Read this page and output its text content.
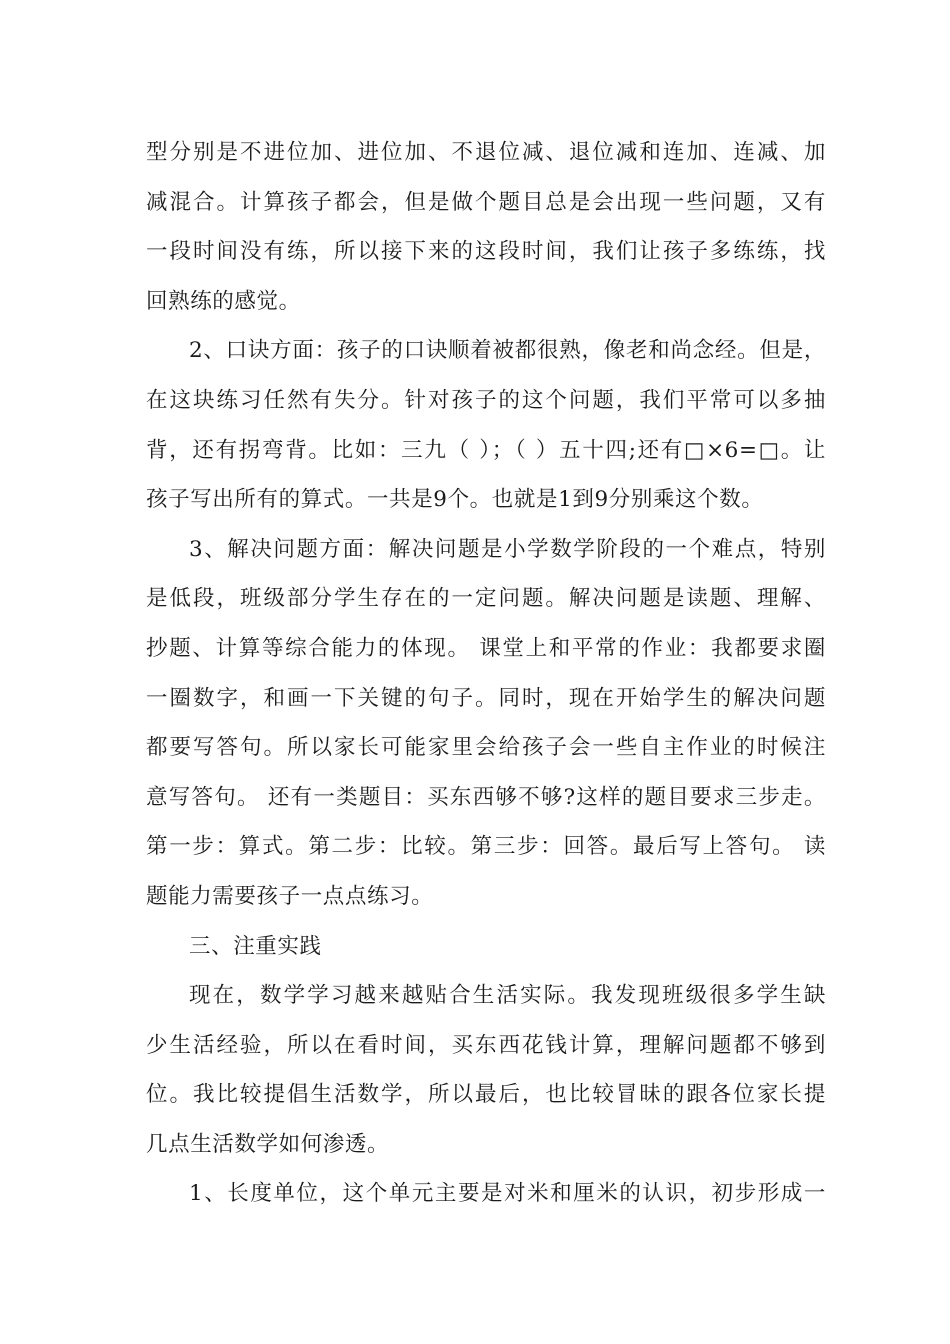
型分别是不进位加、进位加、不退位减、退位减和连加、连减、加
减混合。计算孩子都会，但是做个题目总是会出现一些问题，又有
一段时间没有练，所以接下来的这段时间，我们让孩子多练练，找
回熟练的感觉。
2、口诀方面：孩子的口诀顺着被都很熟，像老和尚念经。但是，
在这块练习任然有失分。针对孩子的这个问题，我们平常可以多抽
背，还有拐弯背。比如：三九（ ）；（ ）五十四;还有□×6=□。让
孩子写出所有的算式。一共是9个。也就是1到9分别乘这个数。
3、解决问题方面：解决问题是小学数学阶段的一个难点，特别
是低段，班级部分学生存在的一定问题。解决问题是读题、理解、
抄题、计算等综合能力的体现。 课堂上和平常的作业：我都要求圈
一圈数字，和画一下关键的句子。同时，现在开始学生的解决问题
都要写答句。所以家长可能家里会给孩子会一些自主作业的时候注
意写答句。 还有一类题目：买东西够不够?这样的题目要求三步走。
第一步：算式。第二步：比较。第三步：回答。最后写上答句。 读
题能力需要孩子一点点练习。
三、注重实践
现在，数学学习越来越贴合生活实际。我发现班级很多学生缺
少生活经验，所以在看时间，买东西花钱计算，理解问题都不够到
位。我比较提倡生活数学，所以最后，也比较冒昧的跟各位家长提
几点生活数学如何渗透。
1、长度单位，这个单元主要是对米和厘米的认识，初步形成一
